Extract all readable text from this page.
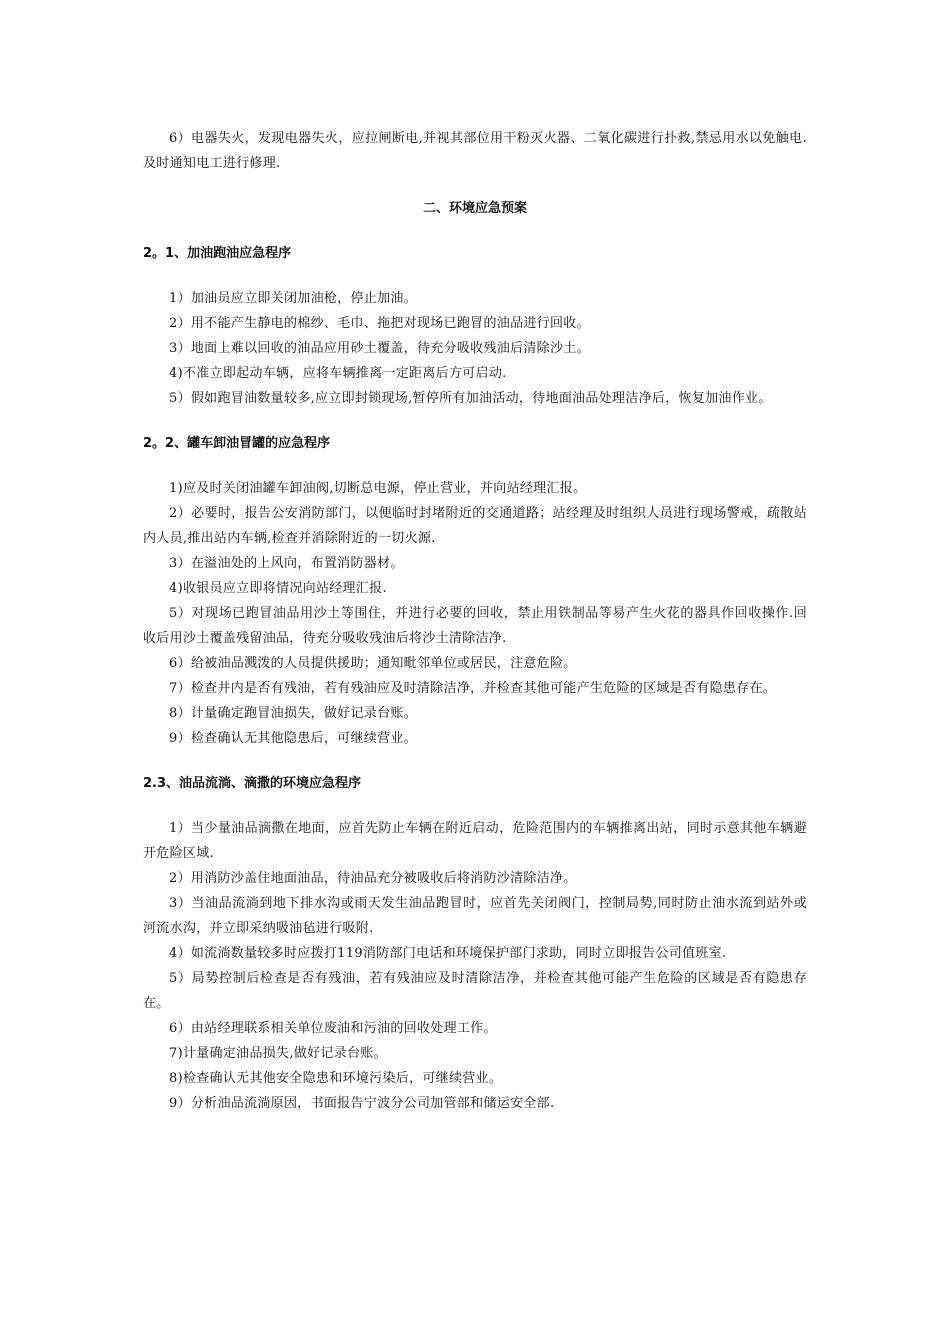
6）电器失火，发现电器失火，应拉闸断电,并视其部位用干粉灭火器、二氧化碳进行扑救,禁忌用水以免触电.及时通知电工进行修理.

二、环境应急预案

2。1、加油跑油应急程序

1）加油员应立即关闭加油枪，停止加油。

2）用不能产生静电的棉纱、毛巾、拖把对现场已跑冒的油品进行回收。

3）地面上难以回收的油品应用砂土覆盖，待充分吸收残油后清除沙土。

4)不准立即起动车辆，应将车辆推离一定距离后方可启动.

5）假如跑冒油数量较多,应立即封锁现场,暂停所有加油活动，待地面油品处理洁净后，恢复加油作业。

2。2、罐车卸油冒罐的应急程序

1)应及时关闭油罐车卸油阀,切断总电源，停止营业，并向站经理汇报。

2）必要时，报告公安消防部门，以便临时封堵附近的交通道路；站经理及时组织人员进行现场警戒，疏散站内人员,推出站内车辆,检查并消除附近的一切火源.

3）在溢油处的上风向，布置消防器材。

4)收银员应立即将情况向站经理汇报.

5）对现场已跑冒油品用沙土等围住，并进行必要的回收，禁止用铁制品等易产生火花的器具作回收操作.回收后用沙土覆盖残留油品，待充分吸收残油后将沙土清除洁净.

6）给被油品溅泼的人员提供援助；通知毗邻单位或居民，注意危险。

7）检查井内是否有残油，若有残油应及时清除洁净，并检查其他可能产生危险的区域是否有隐患存在。

8）计量确定跑冒油损失，做好记录台账。

9）检查确认无其他隐患后，可继续营业。

2.3、油品流淌、滴撒的环境应急程序

1）当少量油品滴撒在地面，应首先防止车辆在附近启动，危险范围内的车辆推离出站，同时示意其他车辆避开危险区域.

2）用消防沙盖住地面油品，待油品充分被吸收后将消防沙清除洁净。

3）当油品流淌到地下排水沟或雨天发生油品跑冒时，应首先关闭阀门，控制局势,同时防止油水流到站外或河流水沟，并立即采纳吸油毡进行吸附.

4）如流淌数量较多时应拨打119消防部门电话和环境保护部门求助，同时立即报告公司值班室.

5）局势控制后检查是否有残油，若有残油应及时清除洁净，并检查其他可能产生危险的区域是否有隐患存在。

6）由站经理联系相关单位废油和污油的回收处理工作。

7)计量确定油品损失,做好记录台账。

8)检查确认无其他安全隐患和环境污染后，可继续营业。

9）分析油品流淌原因，书面报告宁波分公司加管部和储运安全部.
